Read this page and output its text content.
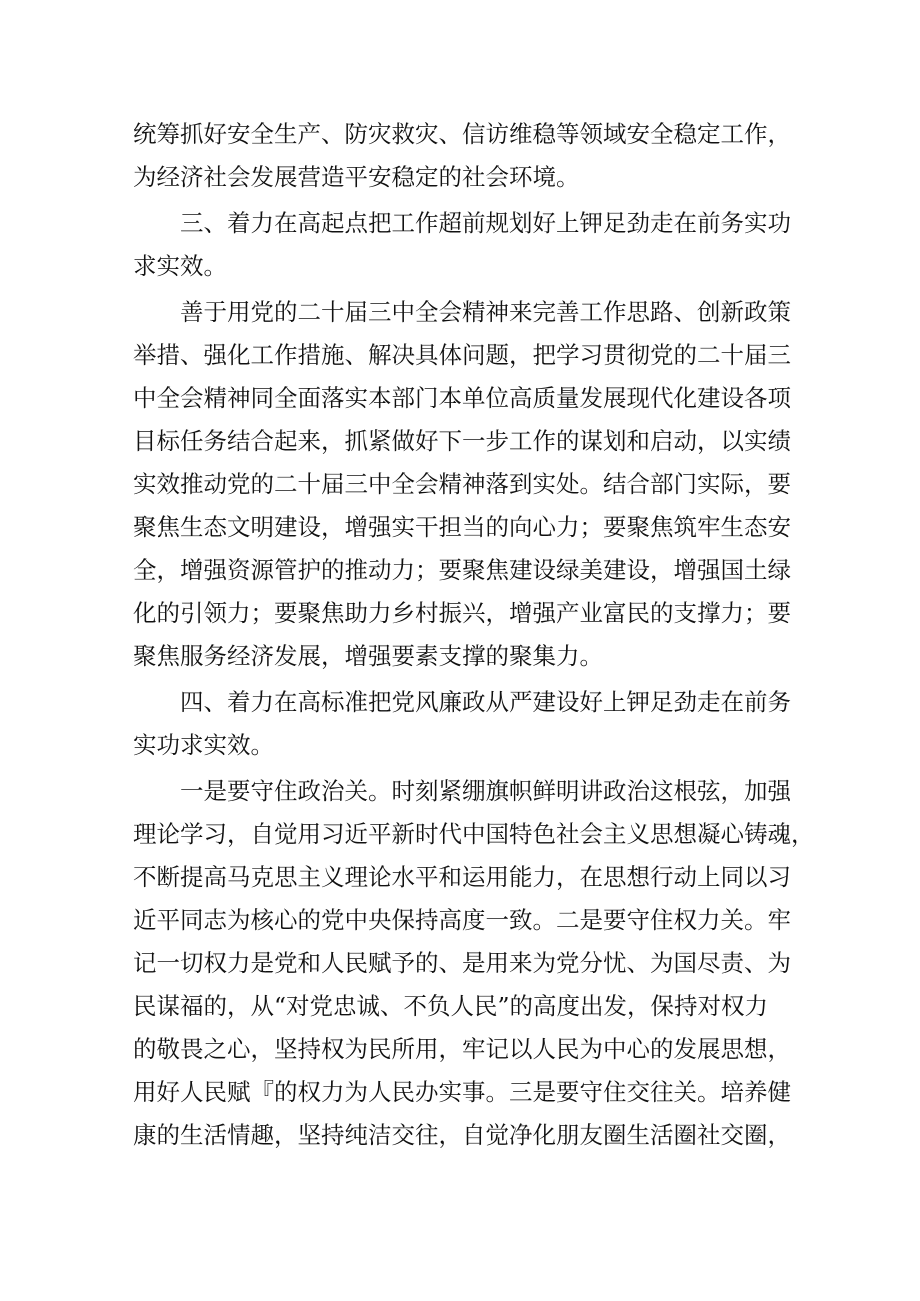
统筹抓好安全生产、防灾救灾、信访维稳等领域安全稳定工作，
为经济社会发展营造平安稳定的社会环境。
三、着力在高起点把工作超前规划好上钾足劲走在前务实功
求实效。
善于用党的二十届三中全会精神来完善工作思路、创新政策
举措、强化工作措施、解决具体问题，把学习贯彻党的二十届三
中全会精神同全面落实本部门本单位高质量发展现代化建设各项
目标任务结合起来，抓紧做好下一步工作的谋划和启动，以实绩
实效推动党的二十届三中全会精神落到实处。结合部门实际，要
聚焦生态文明建设，增强实干担当的向心力；要聚焦筑牢生态安
全，增强资源管护的推动力；要聚焦建设绿美建设，增强国土绿
化的引领力；要聚焦助力乡村振兴，增强产业富民的支撑力；要
聚焦服务经济发展，增强要素支撑的聚集力。
四、着力在高标准把党风廉政从严建设好上钾足劲走在前务
实功求实效。
一是要守住政治关。时刻紧绷旗帜鲜明讲政治这根弦，加强
理论学习，自觉用习近平新时代中国特色社会主义思想凝心铸魂，
不断提高马克思主义理论水平和运用能力，在思想行动上同以习
近平同志为核心的党中央保持高度一致。二是要守住权力关。牢
记一切权力是党和人民赋予的、是用来为党分忧、为国尽责、为
民谋福的，从“对党忠诚、不负人民”的高度出发，保持对权力
的敬畏之心，坚持权为民所用，牢记以人民为中心的发展思想，
用好人民赋『的权力为人民办实事。三是要守住交往关。培养健
康的生活情趣，坚持纯洁交往，自觉净化朋友圈生活圈社交圈，
